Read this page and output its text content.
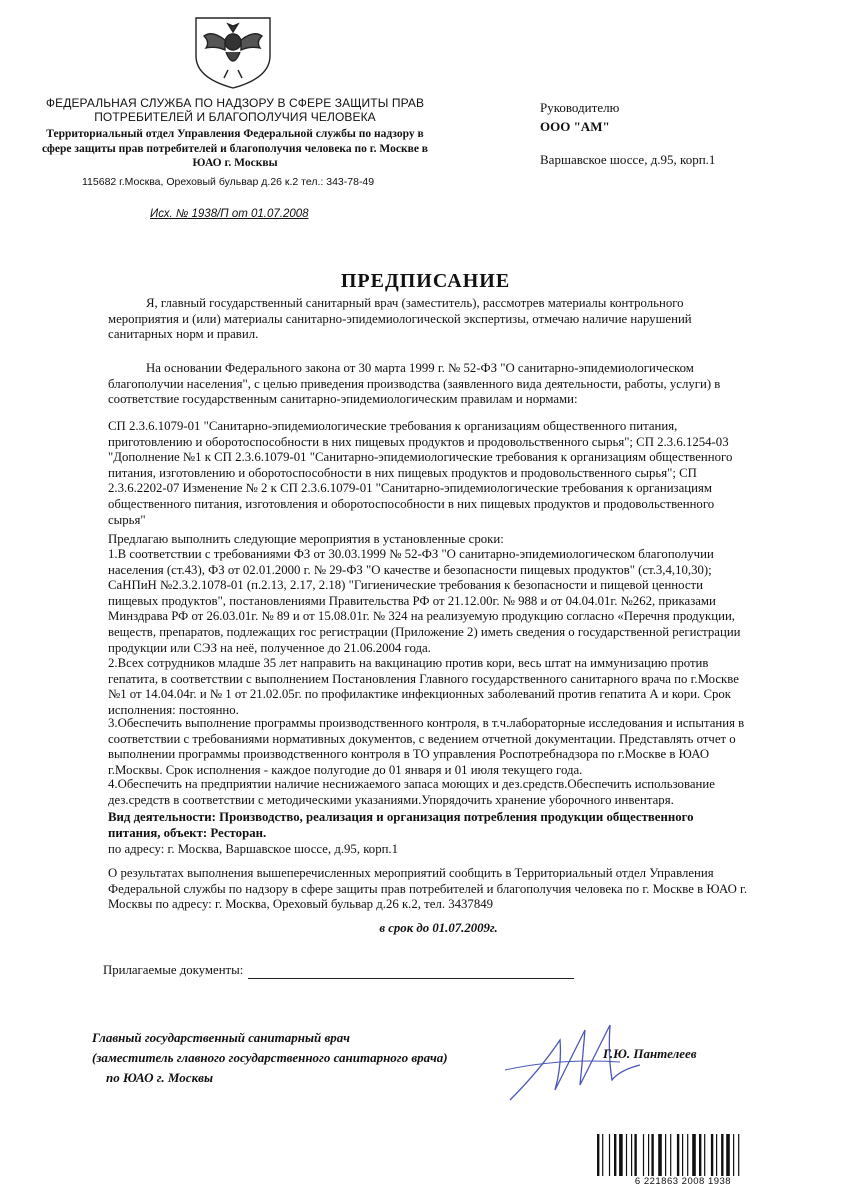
ФЕДЕРАЛЬНАЯ СЛУЖБА ПО НАДЗОРУ В СФЕРЕ ЗАЩИТЫ ПРАВ
ПОТРЕБИТЕЛЕЙ И БЛАГОПОЛУЧИЯ ЧЕЛОВЕКА
Территориальный отдел Управления Федеральной службы по надзору в
сфере защиты прав потребителей и благополучия человека по г. Москве в
ЮАО г. Москвы
115682 г.Москва, Ореховый бульвар д.26 к.2 тел.: 343-78-49
Исх. № 1938/П от 01.07.2008
Руководителю
ООО "АМ"
Варшавское шоссе, д.95, корп.1
ПРЕДПИСАНИЕ

Я, главный государственный санитарный врач (заместитель), рассмотрев материалы контрольного мероприятия и (или) материалы санитарно-эпидемиологической экспертизы, отмечаю наличие нарушений санитарных норм и правил.

На основании Федерального закона от 30 марта 1999 г. № 52-ФЗ "О санитарно-эпидемиологическом благополучии населения", с целью приведения производства (заявленного вида деятельности, работы, услуги) в соответствие государственным санитарно-эпидемиологическим правилам и нормами:

СП 2.3.6.1079-01 "Санитарно-эпидемиологические требования к организациям общественного питания, приготовлению и оборотоспособности в них пищевых продуктов и продовольственного сырья"; СП 2.3.6.1254-03 "Дополнение №1 к СП 2.3.6.1079-01 "Санитарно-эпидемиологические требования к организациям общественного питания, изготовлению и оборотоспособности в них пищевых продуктов и продовольственного сырья"; СП 2.3.6.2202-07 Изменение № 2 к СП 2.3.6.1079-01 "Санитарно-эпидемиологические требования к организациям общественного питания, изготовления и оборотоспособности в них пищевых продуктов и продовольственного сырья"

Предлагаю выполнить следующие мероприятия в установленные сроки:

1.В соответствии с требованиями ФЗ от 30.03.1999 № 52-ФЗ "О санитарно-эпидемиологическом благополучии населения (ст.43), ФЗ от 02.01.2000 г. № 29-ФЗ "О качестве и безопасности пищевых продуктов" (ст.3,4,10,30); СаНПиН №2.3.2.1078-01 (п.2.13, 2.17, 2.18) "Гигиенические требования к безопасности и пищевой ценности пищевых продуктов", постановлениями Правительства РФ от 21.12.00г. № 988 и от 04.04.01г. №262, приказами Минздрава РФ от 26.03.01г. № 89 и от 15.08.01г. № 324 на реализуемую продукцию согласно «Перечня продукции, веществ, препаратов, подлежащих гос регистрации (Приложение 2) иметь сведения о государственной регистрации продукции или СЭЗ на неё, полученное до 21.06.2004 года.

2.Всех сотрудников младше 35 лет направить на вакцинацию против кори, весь штат на иммунизацию против гепатита, в соответствии с выполнением Постановления Главного государственного санитарного врача по г.Москве №1 от 14.04.04г. и № 1 от 21.02.05г. по профилактике инфекционных заболеваний против гепатита А и кори. Срок исполнения: постоянно.

3.Обеспечить выполнение программы производственного контроля, в т.ч.лабораторные исследования и испытания в соответствии с требованиями нормативных документов, с ведением отчетной документации. Представлять отчет о выполнении программы производственного контроля в ТО управления Роспотребнадзора по г.Москве в ЮАО г.Москвы. Срок исполнения - каждое полугодие до 01 января и 01 июля текущего года.

4.Обеспечить на предприятии наличие неснижаемого запаса моющих и дез.средств.Обеспечить использование дез.средств в соответствии с методическими указаниями.Упорядочить хранение уборочного инвентаря.

Вид деятельности: Производство, реализация и организация потребления продукции общественного питания, объект: Ресторан.

по адресу: г. Москва, Варшавское шоссе, д.95, корп.1

О результатах выполнения вышеперечисленных мероприятий сообщить в Территориальный отдел Управления Федеральной службы по надзору в сфере защиты прав потребителей и благополучия человека по г. Москве в ЮАО г. Москвы по адресу: г. Москва, Ореховый бульвар д.26 к.2, тел. 3437849

в срок до 01.07.2009г.
Прилагаемые документы:
Главный государственный санитарный врач
(заместитель главного государственного санитарного врача)
по ЮАО г. Москвы
Г.Ю. Пантелеев
6 221863 2008 1938
